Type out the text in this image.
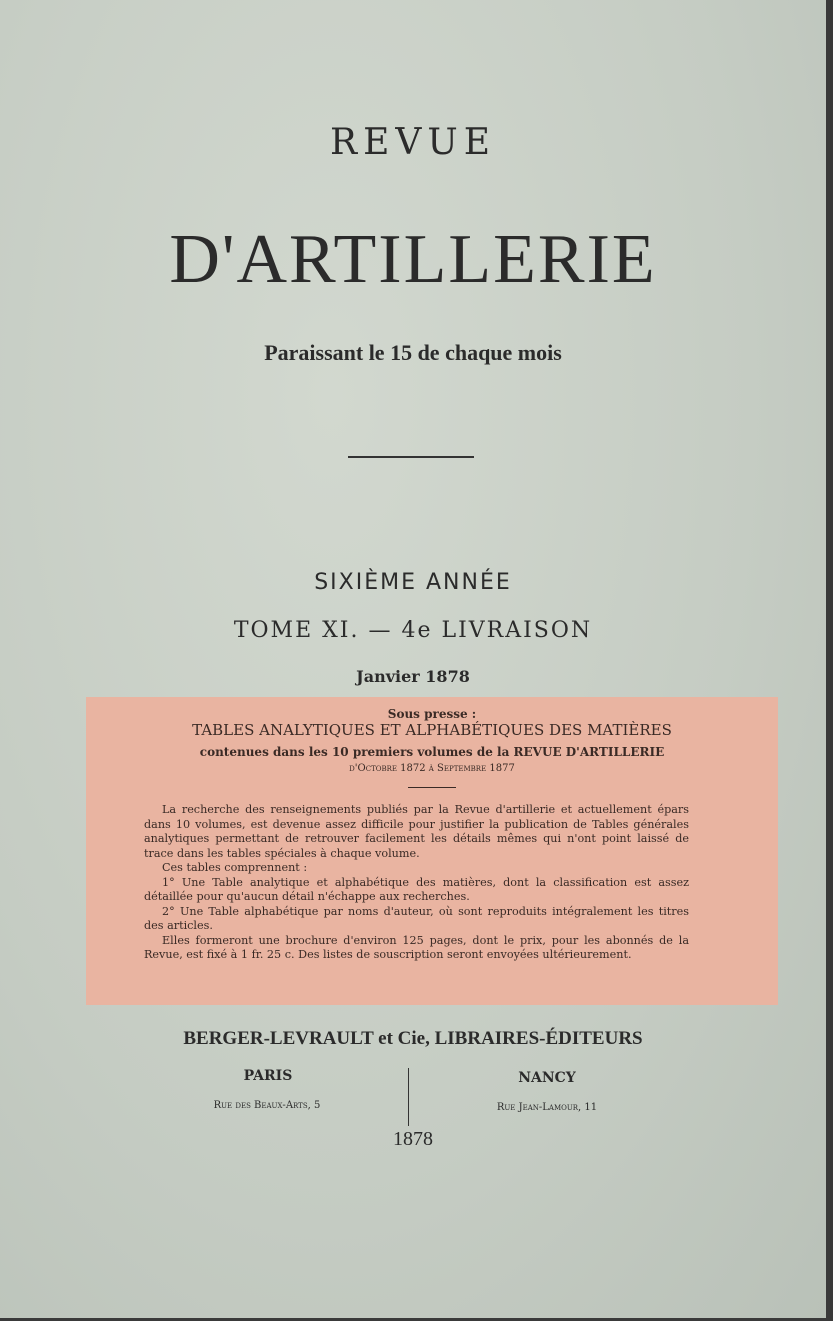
REVUE
D'ARTILLERIE
Paraissant le 15 de chaque mois
SIXIÈME ANNÉE
TOME XI. — 4e LIVRAISON
Janvier 1878
Sous presse :
TABLES ANALYTIQUES ET ALPHABÉTIQUES DES MATIÈRES
contenues dans les 10 premiers volumes de la REVUE D'ARTILLERIE
d'Octobre 1872 à Septembre 1877

La recherche des renseignements publiés par la Revue d'artillerie et actuellement épars dans 10 volumes, est devenue assez difficile pour justifier la publication de Tables générales analytiques permettant de retrouver facilement les détails mêmes qui n'ont point laissé de trace dans les tables spéciales à chaque volume.

Ces tables comprennent :

1° Une Table analytique et alphabétique des matières, dont la classification est assez détaillée pour qu'aucun détail n'échappe aux recherches.

2° Une Table alphabétique par noms d'auteur, où sont reproduits intégralement les titres des articles.

Elles formeront une brochure d'environ 125 pages, dont le prix, pour les abonnés de la Revue, est fixé à 1 fr. 25 c. Des listes de souscription seront envoyées ultérieurement.

BERGER-LEVRAULT et Cie, LIBRAIRES-ÉDITEURS
PARIS
Rue des Beaux-Arts, 5
NANCY
Rue Jean-Lamour, 11
1878
